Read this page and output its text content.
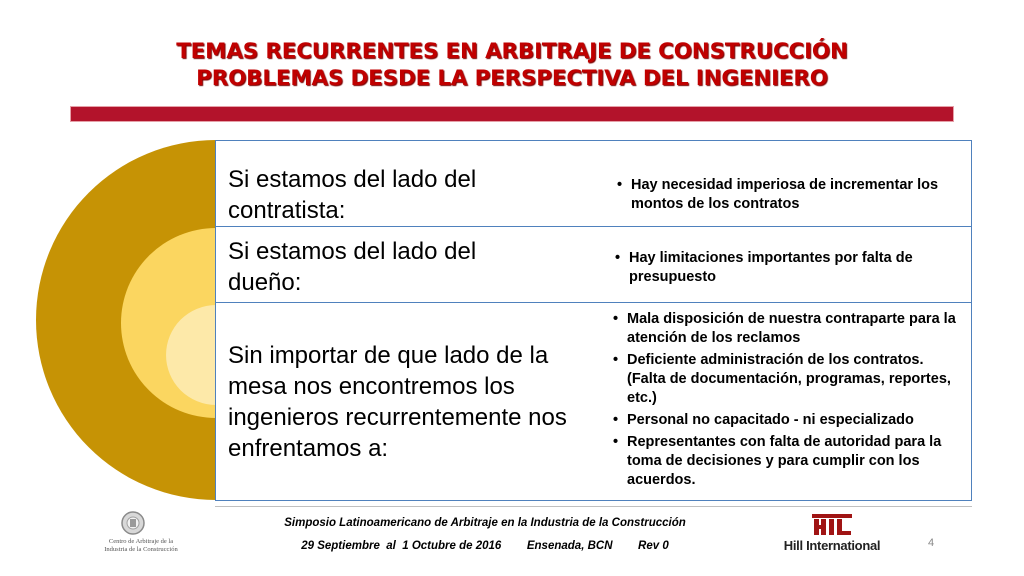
TEMAS RECURRENTES EN ARBITRAJE DE CONSTRUCCIÓN
PROBLEMAS DESDE LA PERSPECTIVA DEL INGENIERO
Si estamos del lado del contratista:
• Hay necesidad imperiosa de incrementar los montos de los contratos
Si estamos del lado del dueño:
• Hay limitaciones importantes por falta de presupuesto
Sin importar de que lado de la mesa nos encontremos los ingenieros recurrentemente nos enfrentamos a:
• Mala disposición de nuestra contraparte para la atención de los reclamos
• Deficiente administración de los contratos. (Falta de documentación, programas, reportes, etc.)
• Personal no capacitado - ni especializado
• Representantes con falta de autoridad para la toma de decisiones y para cumplir con los acuerdos.
Simposio Latinoamericano de Arbitraje en la Industria de la Construcción
29 Septiembre  al  1 Octubre de 2016        Ensenada, BCN        Rev 0
Centro de Arbitraje de la
Industria de la Construcción	Hill International	4
